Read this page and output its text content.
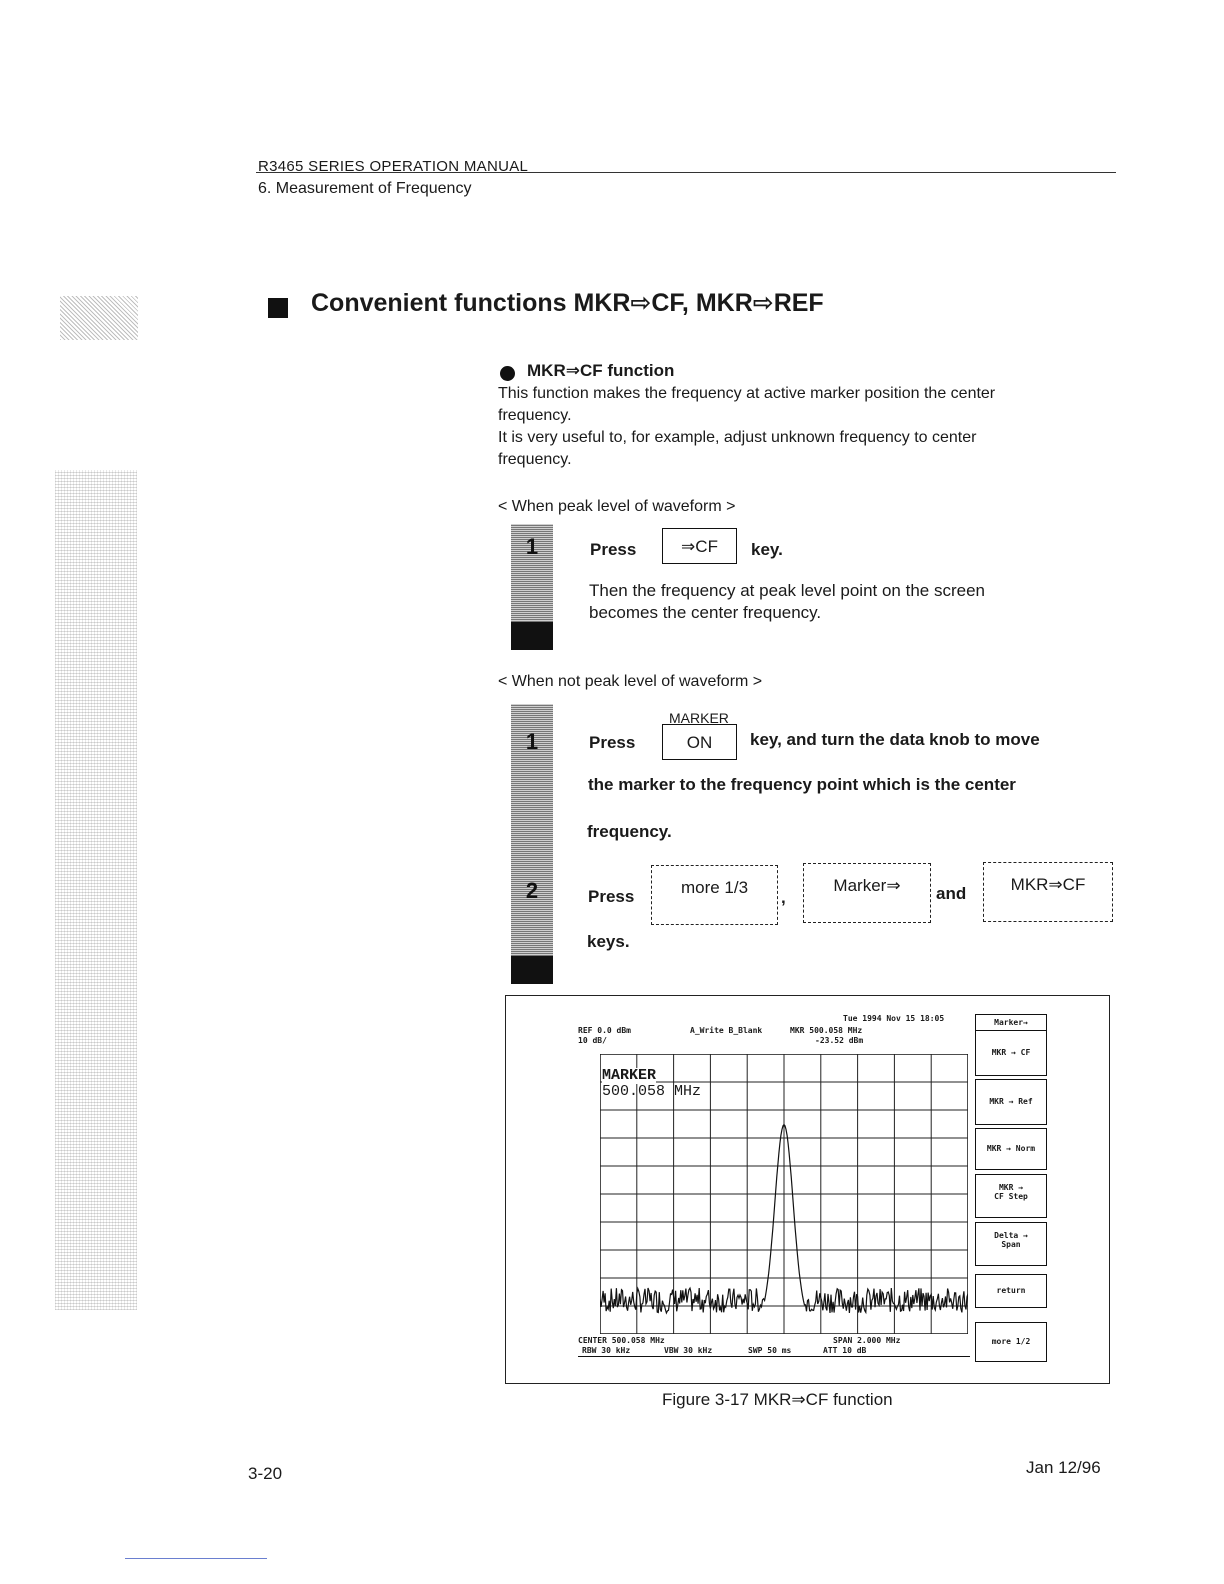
R3465 SERIES OPERATION MANUAL
6. Measurement of Frequency
Convenient functions MKR⇨CF, MKR⇨REF
MKR⇒CF function
This function makes the frequency at active marker position the center
frequency.
It is very useful to, for example, adjust unknown frequency to center
frequency.
< When peak level of waveform >
1	Press	⇒CF	key.
Then the frequency at peak level point on the screen
becomes the center frequency.
< When not peak level of waveform >
1
2
Press
MARKER
ON	key, and turn the data knob to move
the marker to the frequency point which is the center
frequency.
Press	more 1/3
,
Marker⇒	and	MKR⇒CF
keys.
Tue 1994 Nov 15 18:05
REF 0.0 dBm
10 dB/
A_Write B_Blank	MKR 500.058 MHz
-23.52 dBm
MARKER
500.058 MHz
CENTER 500.058 MHz
RBW 30 kHz	VBW 30 kHz	SWP 50 ms
SPAN 2.000 MHz
ATT 10 dB
Marker→
MKR → CF
MKR → Ref
MKR → Norm
MKR →
CF Step
Delta →
Span
return
more 1/2
Figure 3-17 MKR⇒CF function
3-20	Jan 12/96
